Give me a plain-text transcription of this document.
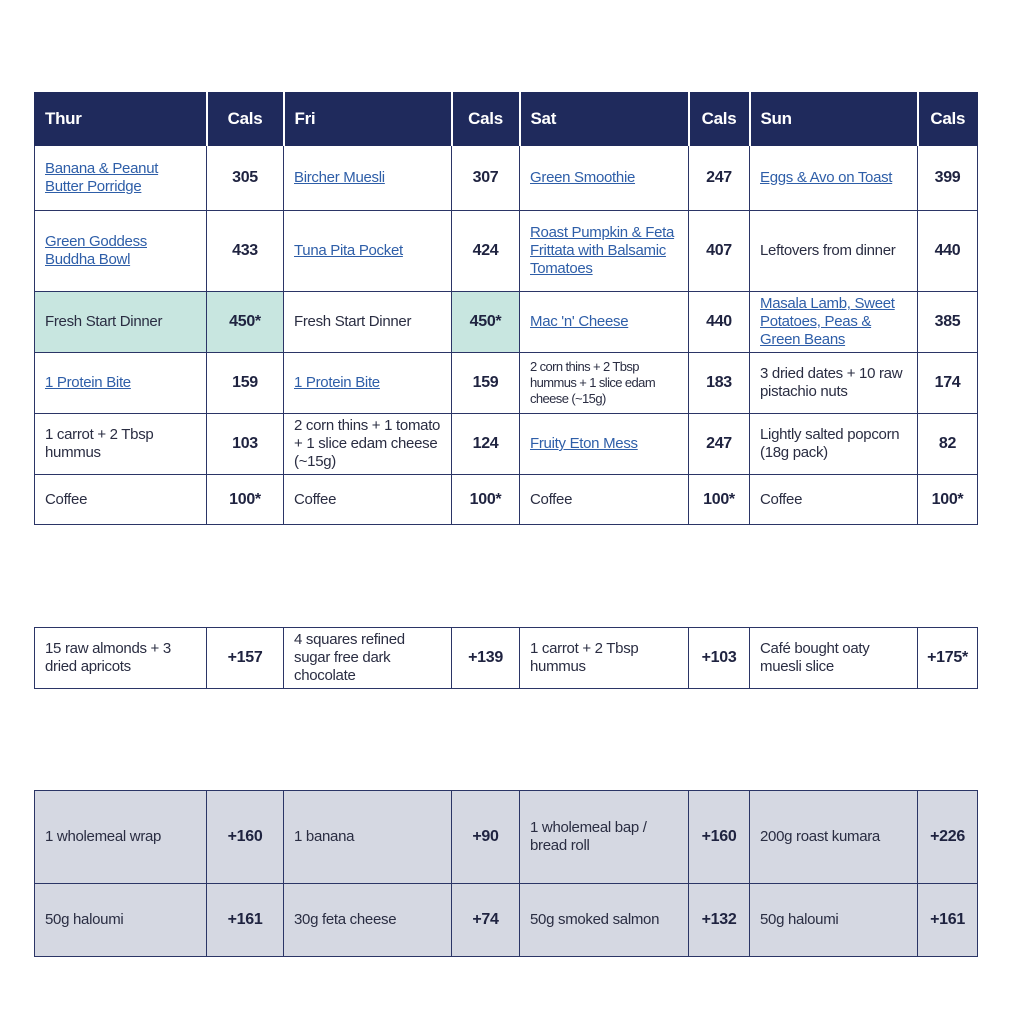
Thur	Cals	Fri	Cals	Sat	Cals	Sun	Cals
Banana & Peanut Butter Porridge	305	Bircher Muesli	307	Green Smoothie	247	Eggs & Avo on Toast	399
Green Goddess Buddha Bowl	433	Tuna Pita Pocket	424	Roast Pumpkin & Feta Frittata with Balsamic Tomatoes	407	Leftovers from dinner	440
Fresh Start Dinner	450*	Fresh Start Dinner	450*	Mac 'n' Cheese	440	Masala Lamb, Sweet Potatoes, Peas & Green Beans	385
1 Protein Bite	159	1 Protein Bite	159	2 corn thins + 2 Tbsp hummus + 1 slice edam cheese (~15g)	183	3 dried dates + 10 raw pistachio nuts	174
1 carrot + 2 Tbsp hummus	103	2 corn thins + 1 tomato + 1 slice edam cheese (~15g)	124	Fruity Eton Mess	247	Lightly salted popcorn (18g pack)	82
Coffee	100*	Coffee	100*	Coffee	100*	Coffee	100*
15 raw almonds + 3 dried apricots	+157	4 squares refined sugar free dark chocolate	+139	1 carrot + 2 Tbsp hummus	+103	Café bought oaty muesli slice	+175*
1 wholemeal wrap	+160	1 banana	+90	1 wholemeal bap / bread roll	+160	200g roast kumara	+226
50g haloumi	+161	30g feta cheese	+74	50g smoked salmon	+132	50g haloumi	+161
